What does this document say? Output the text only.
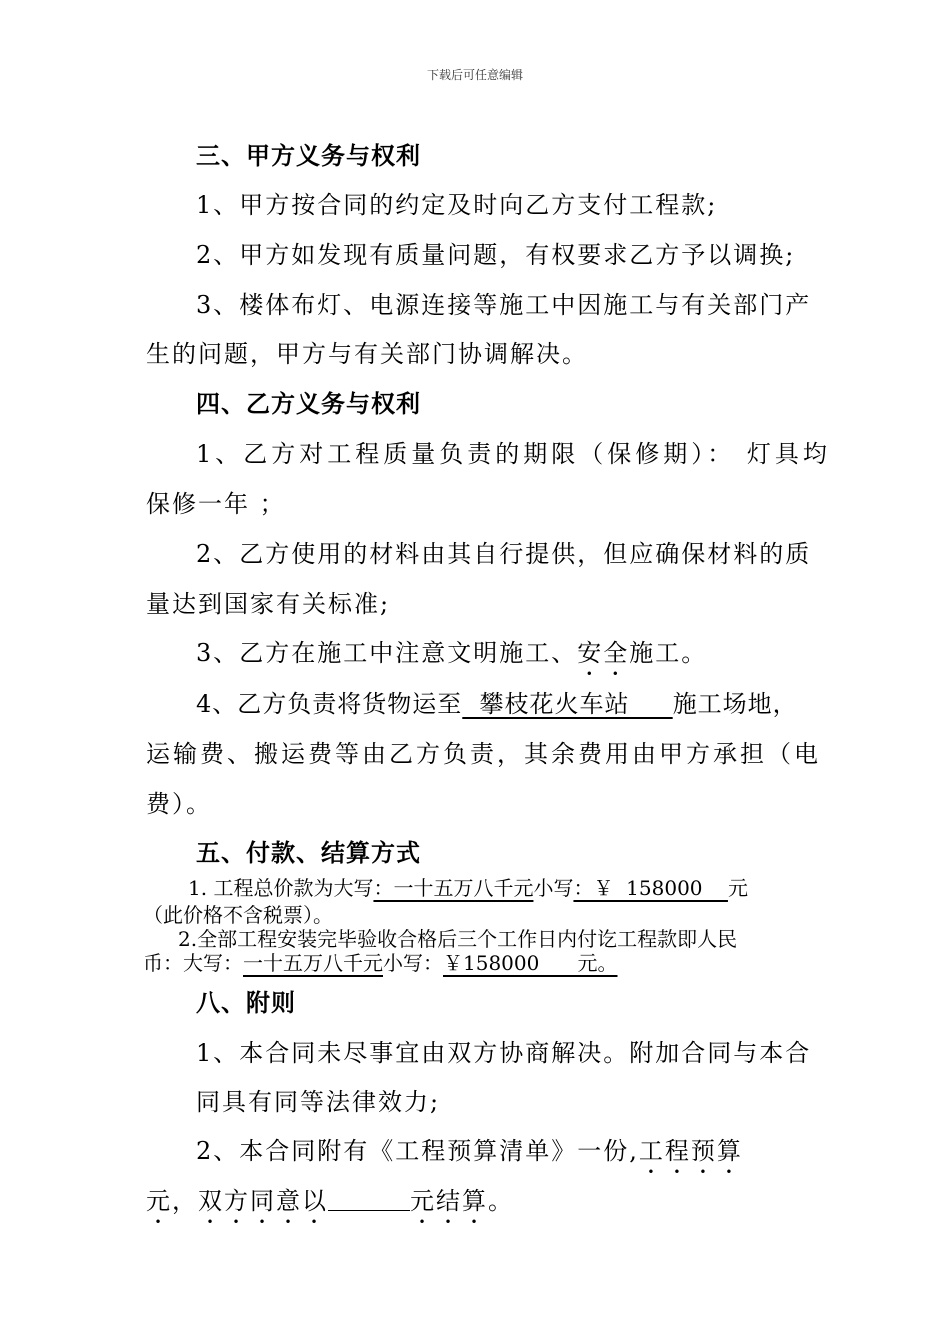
下载后可任意编辑
三、甲方义务与权利
1、甲方按合同的约定及时向乙方支付工程款;
2、甲方如发现有质量问题，有权要求乙方予以调换;
3、楼体布灯、电源连接等施工中因施工与有关部门产
生的问题，甲方与有关部门协调解决。
四、乙方义务与权利
1、乙方对工程质量负责的期限（保修期）： 灯具均
保修一年 ；
2、乙方使用的材料由其自行提供，但应确保材料的质
量达到国家有关标准;
3、乙方在施工中注意文明施工、安全施工。
4、乙方负责将货物运至  攀枝花火车站     施工场地，
运输费、搬运费等由乙方负责，其余费用由甲方承担（电
费）。
五、付款、结算方式
1. 工程总价款为大写：一十五万八千元小写：￥  158000    元
（此价格不含税票）。
2.全部工程安装完毕验收合格后三个工作日内付讫工程款即人民
币：大写：一十五万八千元小写：￥158000      元。
八、附则
1、本合同未尽事宜由双方协商解决。附加合同与本合
同具有同等法律效力;
2、本合同附有《工程预算清单》一份,工程预算
元，双方同意以	元结算。
